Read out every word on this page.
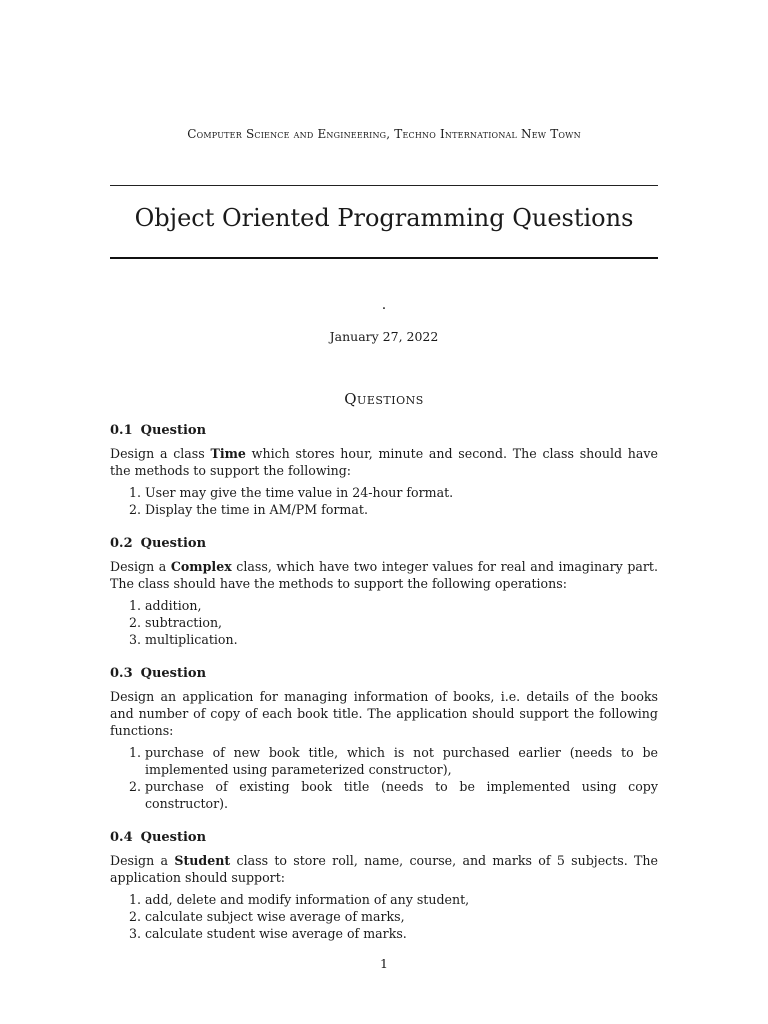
Computer Science and Engineering, Techno International New Town
Object Oriented Programming Questions
.
January 27, 2022
Questions
0.1 Question

Design a class Time which stores hour, minute and second. The class should have the methods to support the following:

1. User may give the time value in 24-hour format.
2. Display the time in AM/PM format.
0.2 Question

Design a Complex class, which have two integer values for real and imaginary part. The class should have the methods to support the following operations:

1. addition,
2. subtraction,
3. multiplication.
0.3 Question

Design an application for managing information of books, i.e. details of the books and number of copy of each book title. The application should support the following functions:

1. purchase of new book title, which is not purchased earlier (needs to be implemented using parameterized constructor),
2. purchase of existing book title (needs to be implemented using copy constructor).
0.4 Question

Design a Student class to store roll, name, course, and marks of 5 subjects. The application should support:

1. add, delete and modify information of any student,
2. calculate subject wise average of marks,
3. calculate student wise average of marks.
1
